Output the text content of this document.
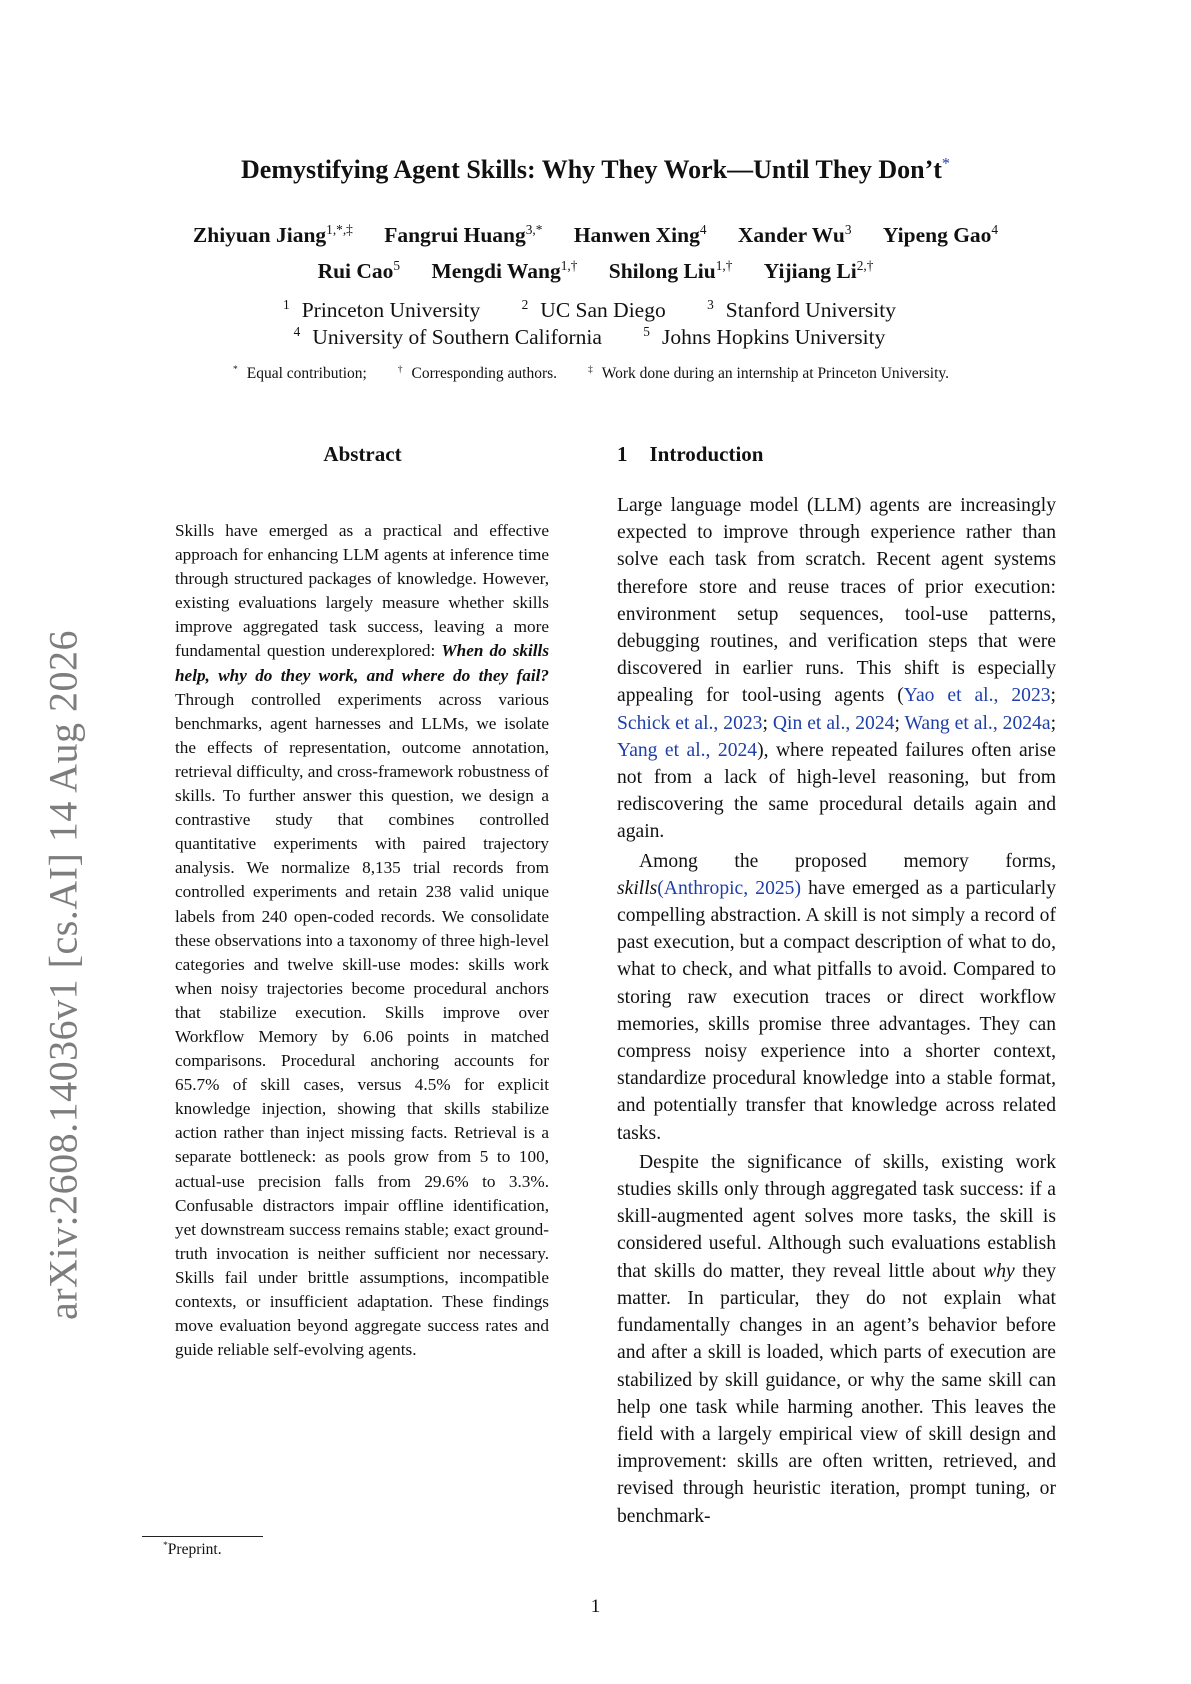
arXiv:2608.14036v1 [cs.AI] 14 Aug 2026
Demystifying Agent Skills: Why They Work—Until They Don’t*
Zhiyuan Jiang$^{1,*,\ddagger}$ Fangrui Huang$^{3,*}$ Hanwen Xing$^4$ Xander Wu$^3$ Yipeng Gao$^4$
Rui Cao$^5$ Mengdi Wang$^{1,\dagger}$ Shilong Liu$^{1,\dagger}$ Yijiang $Li^{2,\dagger}$
$^1$ Princeton University	$^2$ UC San Diego	$^3$ Stanford University
$^4$ University of Southern California	$^5$ Johns Hopkins University
* Equal contribution;	† Corresponding authors.	‡ Work done during an internship at Princeton University.
Abstract
Skills have emerged as a practical and effective approach for enhancing LLM agents at inference time through structured packages of knowledge. However, existing evaluations largely measure whether skills improve aggregated task success, leaving a more fundamental question underexplored: When do skills help, why do they work, and where do they fail? Through controlled experiments across various benchmarks, agent harnesses and LLMs, we isolate the effects of representation, outcome annotation, retrieval difficulty, and cross-framework robustness of skills. To further answer this question, we design a contrastive study that combines controlled quantitative experiments with paired trajectory analysis. We normalize 8,135 trial records from controlled experiments and retain 238 valid unique labels from 240 open-coded records. We consolidate these observations into a taxonomy of three high-level categories and twelve skill-use modes: skills work when noisy trajectories become procedural anchors that stabilize execution. Skills improve over Workflow Memory by 6.06 points in matched comparisons. Procedural anchoring accounts for 65.7% of skill cases, versus 4.5% for explicit knowledge injection, showing that skills stabilize action rather than inject missing facts. Retrieval is a separate bottleneck: as pools grow from 5 to 100, actual-use precision falls from 29.6% to 3.3%. Confusable distractors impair offline identification, yet downstream success remains stable; exact ground-truth invocation is neither sufficient nor necessary. Skills fail under brittle assumptions, incompatible contexts, or insufficient adaptation. These findings move evaluation beyond aggregate success rates and guide reliable self-evolving agents.
1 Introduction

Large language model (LLM) agents are increasingly expected to improve through experience rather than solve each task from scratch. Recent agent systems therefore store and reuse traces of prior execution: environment setup sequences, tool-use patterns, debugging routines, and verification steps that were discovered in earlier runs. This shift is especially appealing for tool-using agents (Yao et al., 2023; Schick et al., 2023; Qin et al., 2024; Wang et al., 2024a; Yang et al., 2024), where repeated failures often arise not from a lack of high-level reasoning, but from rediscovering the same procedural details again and again.

Among the proposed memory forms, skills(Anthropic, 2025) have emerged as a particularly compelling abstraction. A skill is not simply a record of past execution, but a compact description of what to do, what to check, and what pitfalls to avoid. Compared to storing raw execution traces or direct workflow memories, skills promise three advantages. They can compress noisy experience into a shorter context, standardize procedural knowledge into a stable format, and potentially transfer that knowledge across related tasks.

Despite the significance of skills, existing work studies skills only through aggregated task success: if a skill-augmented agent solves more tasks, the skill is considered useful. Although such evaluations establish that skills do matter, they reveal little about why they matter. In particular, they do not explain what fundamentally changes in an agent’s behavior before and after a skill is loaded, which parts of execution are stabilized by skill guidance, or why the same skill can help one task while harming another. This leaves the field with a largely empirical view of skill design and improvement: skills are often written, retrieved, and revised through heuristic iteration, prompt tuning, or benchmark-

*Preprint.
1
